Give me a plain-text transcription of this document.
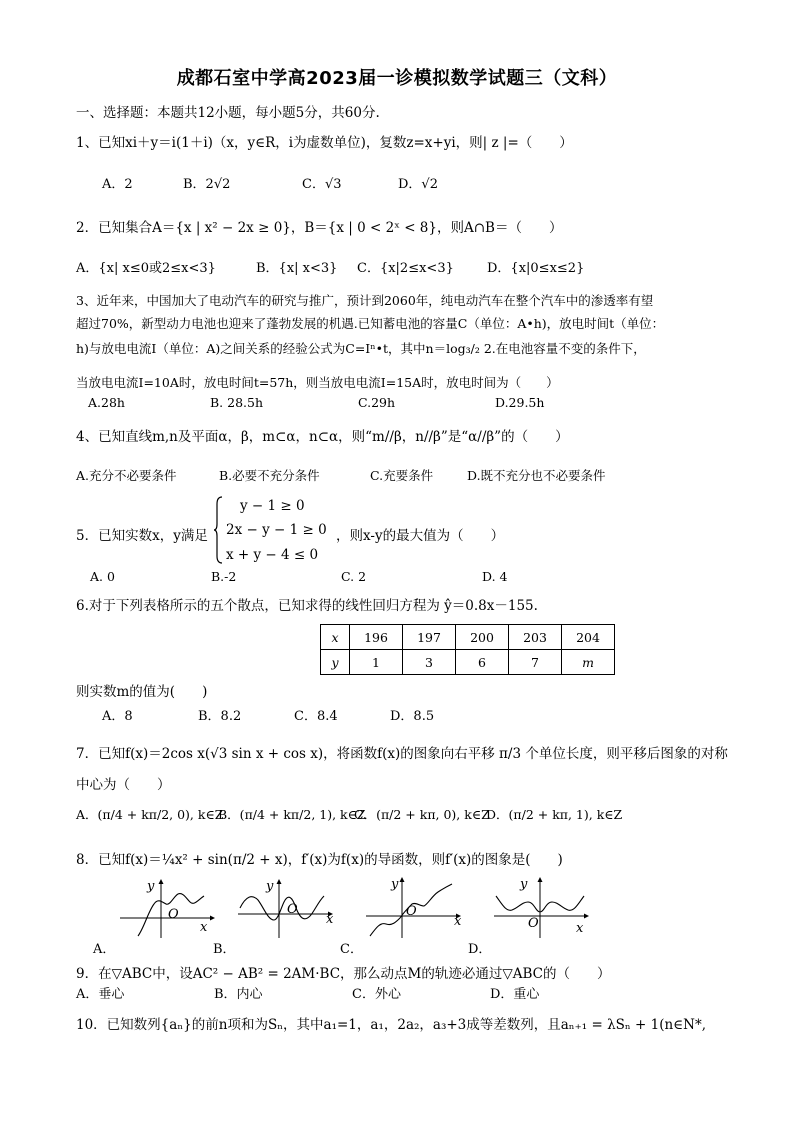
成都石室中学高2023届一诊模拟数学试题三（文科）
一、选择题：本题共12小题，每小题5分，共60分.
1、已知xi＋y＝i(1＋i)（x，y∈R，i为虚数单位)，复数z=x+yi，则| z |=（　　）
A．2	B．2√2	C．√3	D．√2
2．已知集合A＝{x | x² − 2x ≥ 0}，B＝{x | 0 < 2ˣ < 8}，则A∩B＝（　　）
A．{x| x≤0或2≤x<3}	B．{x| x<3} C．{x|2≤x<3}	D．{x|0≤x≤2}
3、近年来，中国加大了电动汽车的研究与推广，预计到2060年，纯电动汽车在整个汽车中的渗透率有望
超过70%，新型动力电池也迎来了蓬勃发展的机遇.已知蓄电池的容量C（单位：A•h)，放电时间t（单位：
h)与放电电流I（单位：A)之间关系的经验公式为C=Iⁿ•t，其中n＝log₃/₂ 2.在电池容量不变的条件下，
当放电电流I=10A时，放电时间t=57h，则当放电电流I=15A时，放电时间为（　　）
A.28h	B. 28.5h	C.29h	D.29.5h
4、已知直线m,n及平面α，β，m⊂α，n⊂α，则“m//β，n//β”是“α//β”的（　　）
A.充分不必要条件	B.必要不充分条件	C.充要条件	D.既不充分也不必要条件
5．已知实数x，y满足
y − 1 ≥ 0
2x − y − 1 ≥ 0
x + y − 4 ≤ 0
，则x-y的最大值为（　　）
A. 0	B.-2	C. 2	D. 4
6.对于下列表格所示的五个散点，已知求得的线性回归方程为 ŷ＝0.8x－155.
x	196	197	200	203	204
y	1	3	6	7	m
则实数m的值为(　　)
A．8	B．8.2	C．8.4	D．8.5
7．已知f(x)＝2cos x(√3 sin x + cos x)，将函数f(x)的图象向右平移 π/3 个单位长度，则平移后图象的对称
中心为（　　）
A．(π/4 + kπ/2, 0), k∈Z
B．(π/4 + kπ/2, 1), k∈Z
C．(π/2 + kπ, 0), k∈Z
D．(π/2 + kπ, 1), k∈Z
8．已知f(x)＝¼x² + sin(π/2 + x)，f′(x)为f(x)的导函数，则f′(x)的图象是(　　)
y
O
x
A．
y
O
x
B．
y
O
x
C．
y
O	x
D．
9．在▽ABC中，设AC² − AB² = 2AM·BC，那么动点M的轨迹必通过▽ABC的（　　）
A．垂心	B．内心	C．外心	D．重心
10．已知数列{aₙ}的前n项和为Sₙ，其中a₁=1，a₁，2a₂，a₃+3成等差数列，且aₙ₊₁ = λSₙ + 1(n∈N*,
